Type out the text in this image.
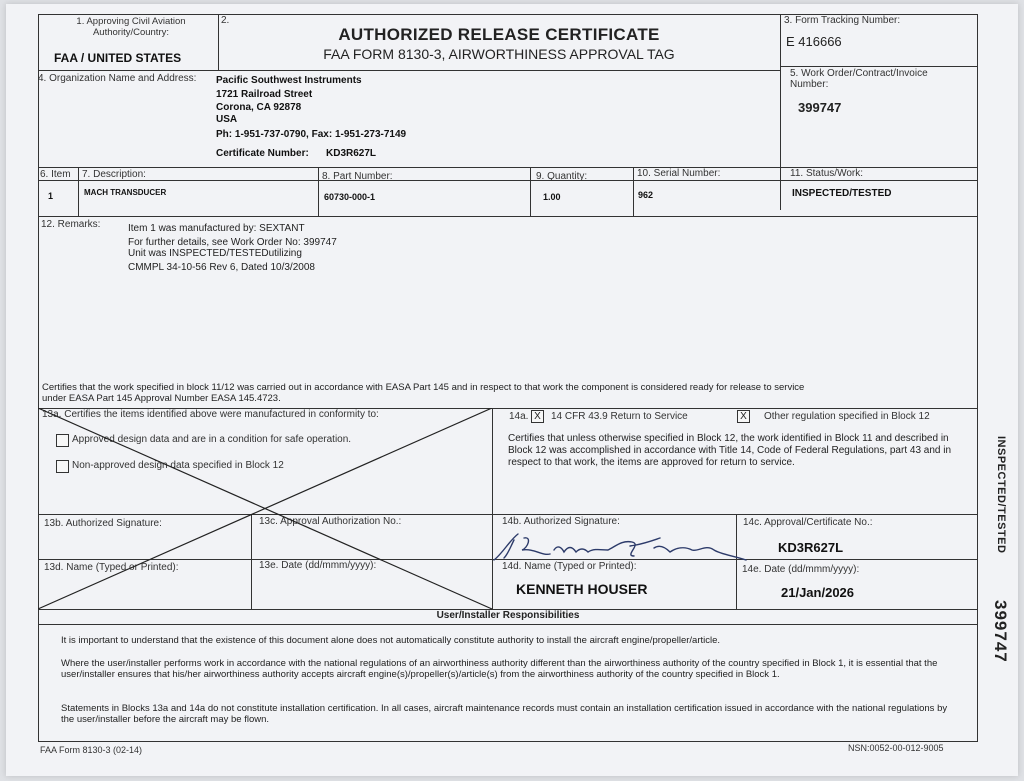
1. Approving Civil Aviation Authority/Country:
FAA / UNITED STATES
2.
AUTHORIZED RELEASE CERTIFICATE
FAA FORM 8130-3, AIRWORTHINESS APPROVAL TAG
3. Form Tracking Number:
E 416666
4. Organization Name and Address: Pacific Southwest Instruments
1721 Railroad Street
Corona, CA 92878
USA
Ph: 1-951-737-0790, Fax: 1-951-273-7149
Certificate Number: KD3R627L
5. Work Order/Contract/Invoice Number:
399747
6. Item 7. Description:	8. Part Number:	9. Quantity:	10. Serial Number:	11. Status/Work:
1	MACH TRANSDUCER	60730-000-1	1.00	962	INSPECTED/TESTED
12. Remarks:	Item 1 was manufactured by: SEXTANT
For further details, see Work Order No: 399747
Unit was INSPECTED/TESTEDutilizing
CMMPL 34-10-56 Rev 6, Dated 10/3/2008
Certifies that the work specified in block 11/12 was carried out in accordance with EASA Part 145 and in respect to that work the component is considered ready for release to service under EASA Part 145 Approval Number EASA 145.4723.
13a. Certifies the items identified above were manufactured in conformity to:
Approved design data and are in a condition for safe operation.
Non-approved design data specified in Block 12
13b. Authorized Signature:	13c. Approval Authorization No.:
13d. Name (Typed or Printed):	13e. Date (dd/mmm/yyyy):
14a. X	14 CFR 43.9 Return to Service	X	Other regulation specified in Block 12
Certifies that unless otherwise specified in Block 12, the work identified in Block 11 and described in Block 12 was accomplished in accordance with Title 14, Code of Federal Regulations, part 43 and in respect to that work, the items are approved for return to service.
14b. Authorized Signature:	14c. Approval/Certificate No.:
KD3R627L
14d. Name (Typed or Printed):
KENNETH HOUSER
14e. Date (dd/mmm/yyyy):
21/Jan/2026
User/Installer Responsibilities
It is important to understand that the existence of this document alone does not automatically constitute authority to install the aircraft engine/propeller/article.
Where the user/installer performs work in accordance with the national regulations of an airworthiness authority different than the airworthiness authority of the country specified in Block 1, it is essential that the user/installer ensures that his/her airworthiness authority accepts aircraft engine(s)/propeller(s)/article(s) from the airworthiness authority of the country specified in Block 1.
Statements in Blocks 13a and 14a do not constitute installation certification. In all cases, aircraft maintenance records must contain an installation certification issued in accordance with the national regulations by the user/installer before the aircraft may be flown.
FAA Form 8130-3 (02-14)	NSN:0052-00-012-9005
INSPECTED/TESTED
399747
